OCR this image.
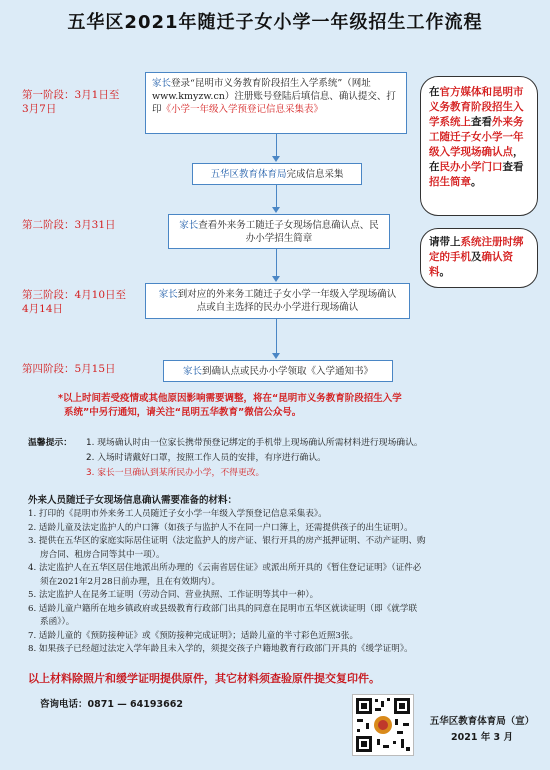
五华区2021年随迁子女小学一年级招生工作流程
第一阶段：3月1日至
3月7日
第二阶段：3月31日
第三阶段：4月10日至
4月14日
第四阶段：5月15日
家长登录“昆明市义务教育阶段招生入学系统”（网址www.kmyzw.cn）注册账号登陆后填信息、确认提交、打印《小学一年级入学预登记信息采集表》
五华区教育体育局完成信息采集
家长查看外来务工随迁子女现场信息确认点、民办小学招生简章
家长到对应的外来务工随迁子女小学一年级入学现场确认点或自主选择的民办小学进行现场确认
家长到确认点或民办小学领取《入学通知书》
在官方媒体和昆明市义务教育阶段招生入学系统上查看外来务工随迁子女小学一年级入学现场确认点，在民办小学门口查看招生简章。
请带上系统注册时绑定的手机及确认资料。
*以上时间若受疫情或其他原因影响需要调整，将在“昆明市义务教育阶段招生入学
系统”中另行通知，请关注“昆明五华教育”微信公众号。
温馨提示：	1. 现场确认时由一位家长携带预登记绑定的手机带上现场确认所需材料进行现场确认。
2. 入场时请戴好口罩，按照工作人员的安排，有序进行确认。
3. 家长一旦确认到某所民办小学，不得更改。
外来人员随迁子女现场信息确认需要准备的材料：
1. 打印的《昆明市外来务工人员随迁子女小学一年级入学预登记信息采集表》。
2. 适龄儿童及法定监护人的户口簿（如孩子与监护人不在同一户口簿上，还需提供孩子的出生证明）。
3. 提供在五华区的家庭实际居住证明（法定监护人的房产证、银行开具的房产抵押证明、不动产证明、购
房合同、租房合同等其中一项）。
4. 法定监护人在五华区居住地派出所办理的《云南省居住证》或派出所开具的《暂住登记证明》（证件必
须在2021年2月28日前办理，且在有效期内）。
5. 法定监护人在昆务工证明（劳动合同、营业执照、工作证明等其中一种）。
6. 适龄儿童户籍所在地乡镇政府或县级教育行政部门出具的同意在昆明市五华区就读证明（即《就学联
系函》）。
7. 适龄儿童的《预防接种证》或《预防接种完成证明》；适龄儿童的半寸彩色近照3张。
8. 如果孩子已经超过法定入学年龄且未入学的，须提交孩子户籍地教育行政部门开具的《缓学证明》。
以上材料除照片和缓学证明提供原件，其它材料须查验原件提交复印件。
咨询电话：0871 — 64193662
五华区教育体育局（宣）
2021 年 3 月
